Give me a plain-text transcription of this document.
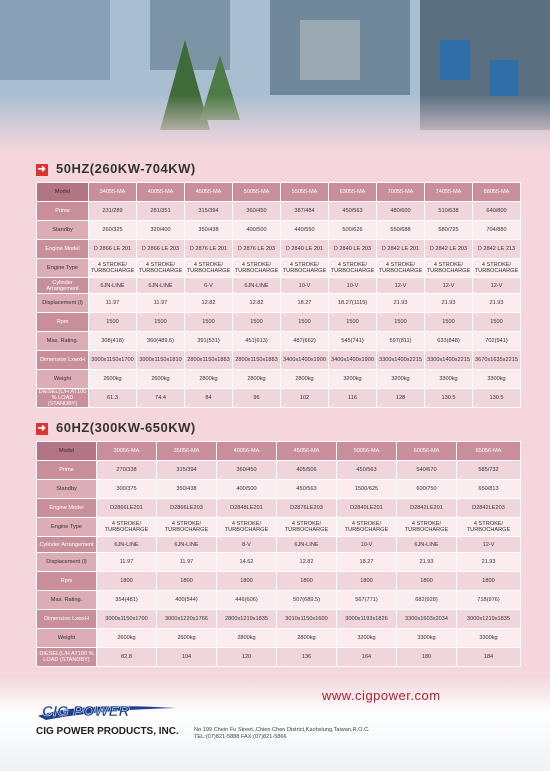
➜ 50HZ(260KW-704KW)
Model	34055-MA	40055-MA	45055-MA	50055-MA	55055-MA	63055-MA	70055-MA	74055-MA	88055-MA
Prime	231/289	281/351	315/394	360/450	387/484	450/563	480/600	510/638	640/800
Standby	260/325	320/400	350/438	400/500	440/550	500/626	550/688	580/725	704/880
Engine Model	D 2866 LE 201	D 2866 LE 203	D 2876 LE 201	D 2876 LE 203	D 2840 LE 201	D 2840 LE 203	D 2842 LE 201	D 2842 LE 203	D 2842 LE 213
Engine Type	4 STROKE/ TURBOCHARGE	4 STROKE/ TURBOCHARGE	4 STROKE/ TURBOCHARGE	4 STROKE/ TURBOCHARGE	4 STROKE/ TURBOCHARGE	4 STROKE/ TURBOCHARGE	4 STROKE/ TURBOCHARGE	4 STROKE/ TURBOCHARGE	4 STROKE/ TURBOCHARGE
Cylinder Arrangement	6JN-LINE	6JN-LINE	6-V	6JN-LINE	10-V	10-V	12-V	12-V	12-V
Displacement (l)	11.97	11.97	12.82	12.82	18.27	18.27(1115)	21.93	21.93	21.93
Rpm	1500	1500	1500	1500	1500	1500	1500	1500	1500
Max. Rating.	308(418)	360(489.6)	391(531)	451(613)	487(662)	545(741)	597(811)	633(848)	702(941)
Dimension LxwxH	3000x1150x1700	3000x1150x1810	2800x1150x1883	2800x1150x1883	3400x1400x1900	3400x1400x1900	3300x1400x2215	3300x1400x2215	3670x1635x2215
Weight	2600kg	2600kg	2800kg	2800kg	2800kg	3200kg	3200kg	3300kg	3300kg
DIESEL(L/H AT100 % LOAD (STANDBY)	61.3	74.4	84	96	102	116	128	130.5	130.5
➜ 60HZ(300KW-650KW)
Model	30056-MA	35056-MA	40056-MA	45056-MA	50056-MA	60056-MA	65056-MA
Prime	270/338	315/394	360/450	405/506	450/563	540/670	585/732
Standby	300/375	350/438	400/500	450/563	1500/625	600/750	650/813
Engine Model	D2866LE201	D2866LE203	D2848LE201	D2876LE203	D2840LE201	D2842LE201	D2842LE203
Engine Type	4 STROKE/ TURBOCHARGE	4 STROKE/ TURBOCHARGE	4 STROKE/ TURBOCHARGE	4 STROKE/ TURBOCHARGE	4 STROKE/ TURBOCHARGE	4 STROKE/ TURBOCHARGE	4 STROKE/ TURBOCHARGE
Cylinder Arrangement	6JN-LINE	6JN-LINE	8-V	6JN-LINE	10-V	6JN-LINE	12-V
Displacement (l)	11.97	11.97	14.62	12.82	18.27	21.93	21.93
Rpm	1800	1800	1800	1800	1800	1800	1800
Max. Rating.	354(481)	400(544)	446(606)	507(689.5)	567(771)	682(928)	718(976)
Dimension LxwxH	3000x1150x1700	3000x1220x1766	2800x1219x1835	3010x1150x1600	3000x1193x1826	3300x1603x2034	3000x1219x1835
Weight	2600kg	2600kg	2800kg	2800kg	3200kg	3300kg	3300kg
DIESEL(L/H AT100 % LOAD (STANDBY)	82.8	104	120	136	164	180	184
www.cigpower.com
CIG POWER
CIG POWER PRODUCTS, INC.	No.199 Chein Fu Street.,Chien Chen District,Kaohsiung,Taiwan,R.O.C.
TEL:(07)821-5888 FAX:(07)821-5866
